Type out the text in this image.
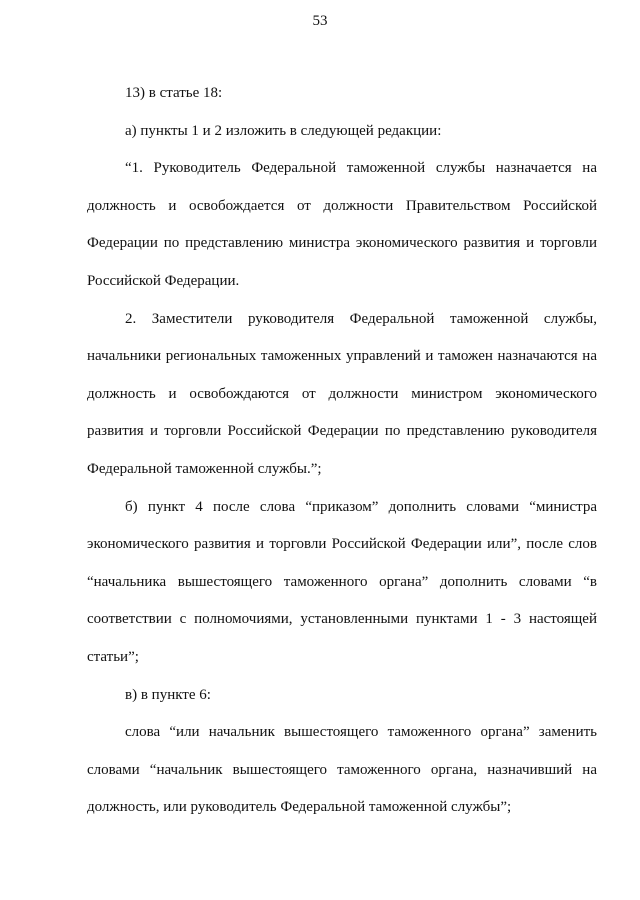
53

13) в статье 18:

а) пункты 1 и 2 изложить в следующей редакции:

“1. Руководитель Федеральной таможенной службы назначается на должность и освобождается от должности Правительством Российской Федерации по представлению министра экономического развития и торговли Российской Федерации.

2. Заместители руководителя Федеральной таможенной службы, начальники региональных таможенных управлений и таможен назначаются на должность и освобождаются от должности министром экономического развития и торговли Российской Федерации по представлению руководителя Федеральной таможенной службы.”;

б) пункт 4 после слова “приказом” дополнить словами “министра экономического развития и торговли Российской Федерации или”, после слов “начальника вышестоящего таможенного органа” дополнить словами “в соответствии с полномочиями, установленными пунктами 1 - 3 настоящей статьи”;

в) в пункте 6:

слова “или начальник вышестоящего таможенного органа” заменить словами “начальник вышестоящего таможенного органа, назначивший на должность, или руководитель Федеральной таможенной службы”;
